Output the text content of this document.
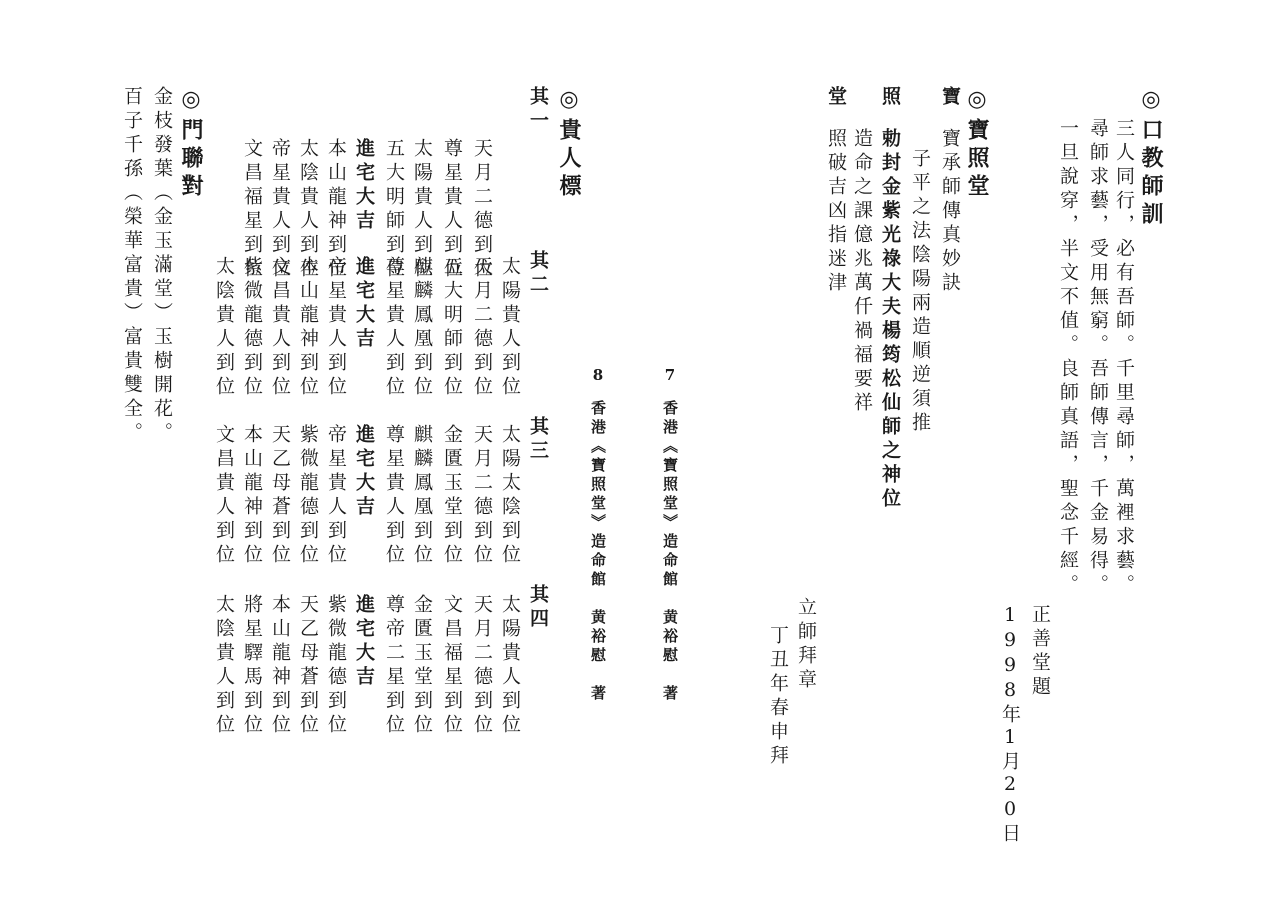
◎口教師訓
三人同行，必有吾師。千里尋師，萬裡求藝。
尋師求藝，受用無窮。吾師傳言，千金易得。
一旦說穿，半文不值。良師真語，聖念千經。
正善堂題
1998年1月20日
立師拜章
丁丑年春申拜
◎寶照堂
寶
寶承師傳真妙訣
子平之法陰陽兩造順逆須推
照
勅封金紫光祿大夫楊筠松仙師之神位
造命之課億兆萬仟禍福要祥
堂
照破吉凶指迷津
7
香港《寶照堂》造命館　黄裕慰　著
8
香港《寶照堂》造命館　黄裕慰　著
◎貴人標
其一
天月二德到位
尊星貴人到位
太陽貴人到位
五大明師到位
進宅大吉
本山龍神到位
太陰貴人到位
帝星貴人到位
文昌福星到位	其二
太陽貴人到位
天月二德到位
五大明師到位
麒麟鳳凰到位
尊星貴人到位
進宅大吉
帝星貴人到位
本山龍神到位
文昌貴人到位
紫微龍德到位
太陰貴人到位
其三
太陽太陰到位
天月二德到位
金匱玉堂到位
麒麟鳳凰到位
尊星貴人到位
進宅大吉
帝星貴人到位
紫微龍德到位
天乙母蒼到位
本山龍神到位
文昌貴人到位
其四
太陽貴人到位
天月二德到位
文昌福星到位
金匱玉堂到位
尊帝二星到位
進宅大吉
紫微龍德到位
天乙母蒼到位
本山龍神到位
將星驛馬到位
太陰貴人到位
◎門聯對
金枝發葉（金玉滿堂）玉樹開花。
百子千孫（榮華富貴）富貴雙全。
